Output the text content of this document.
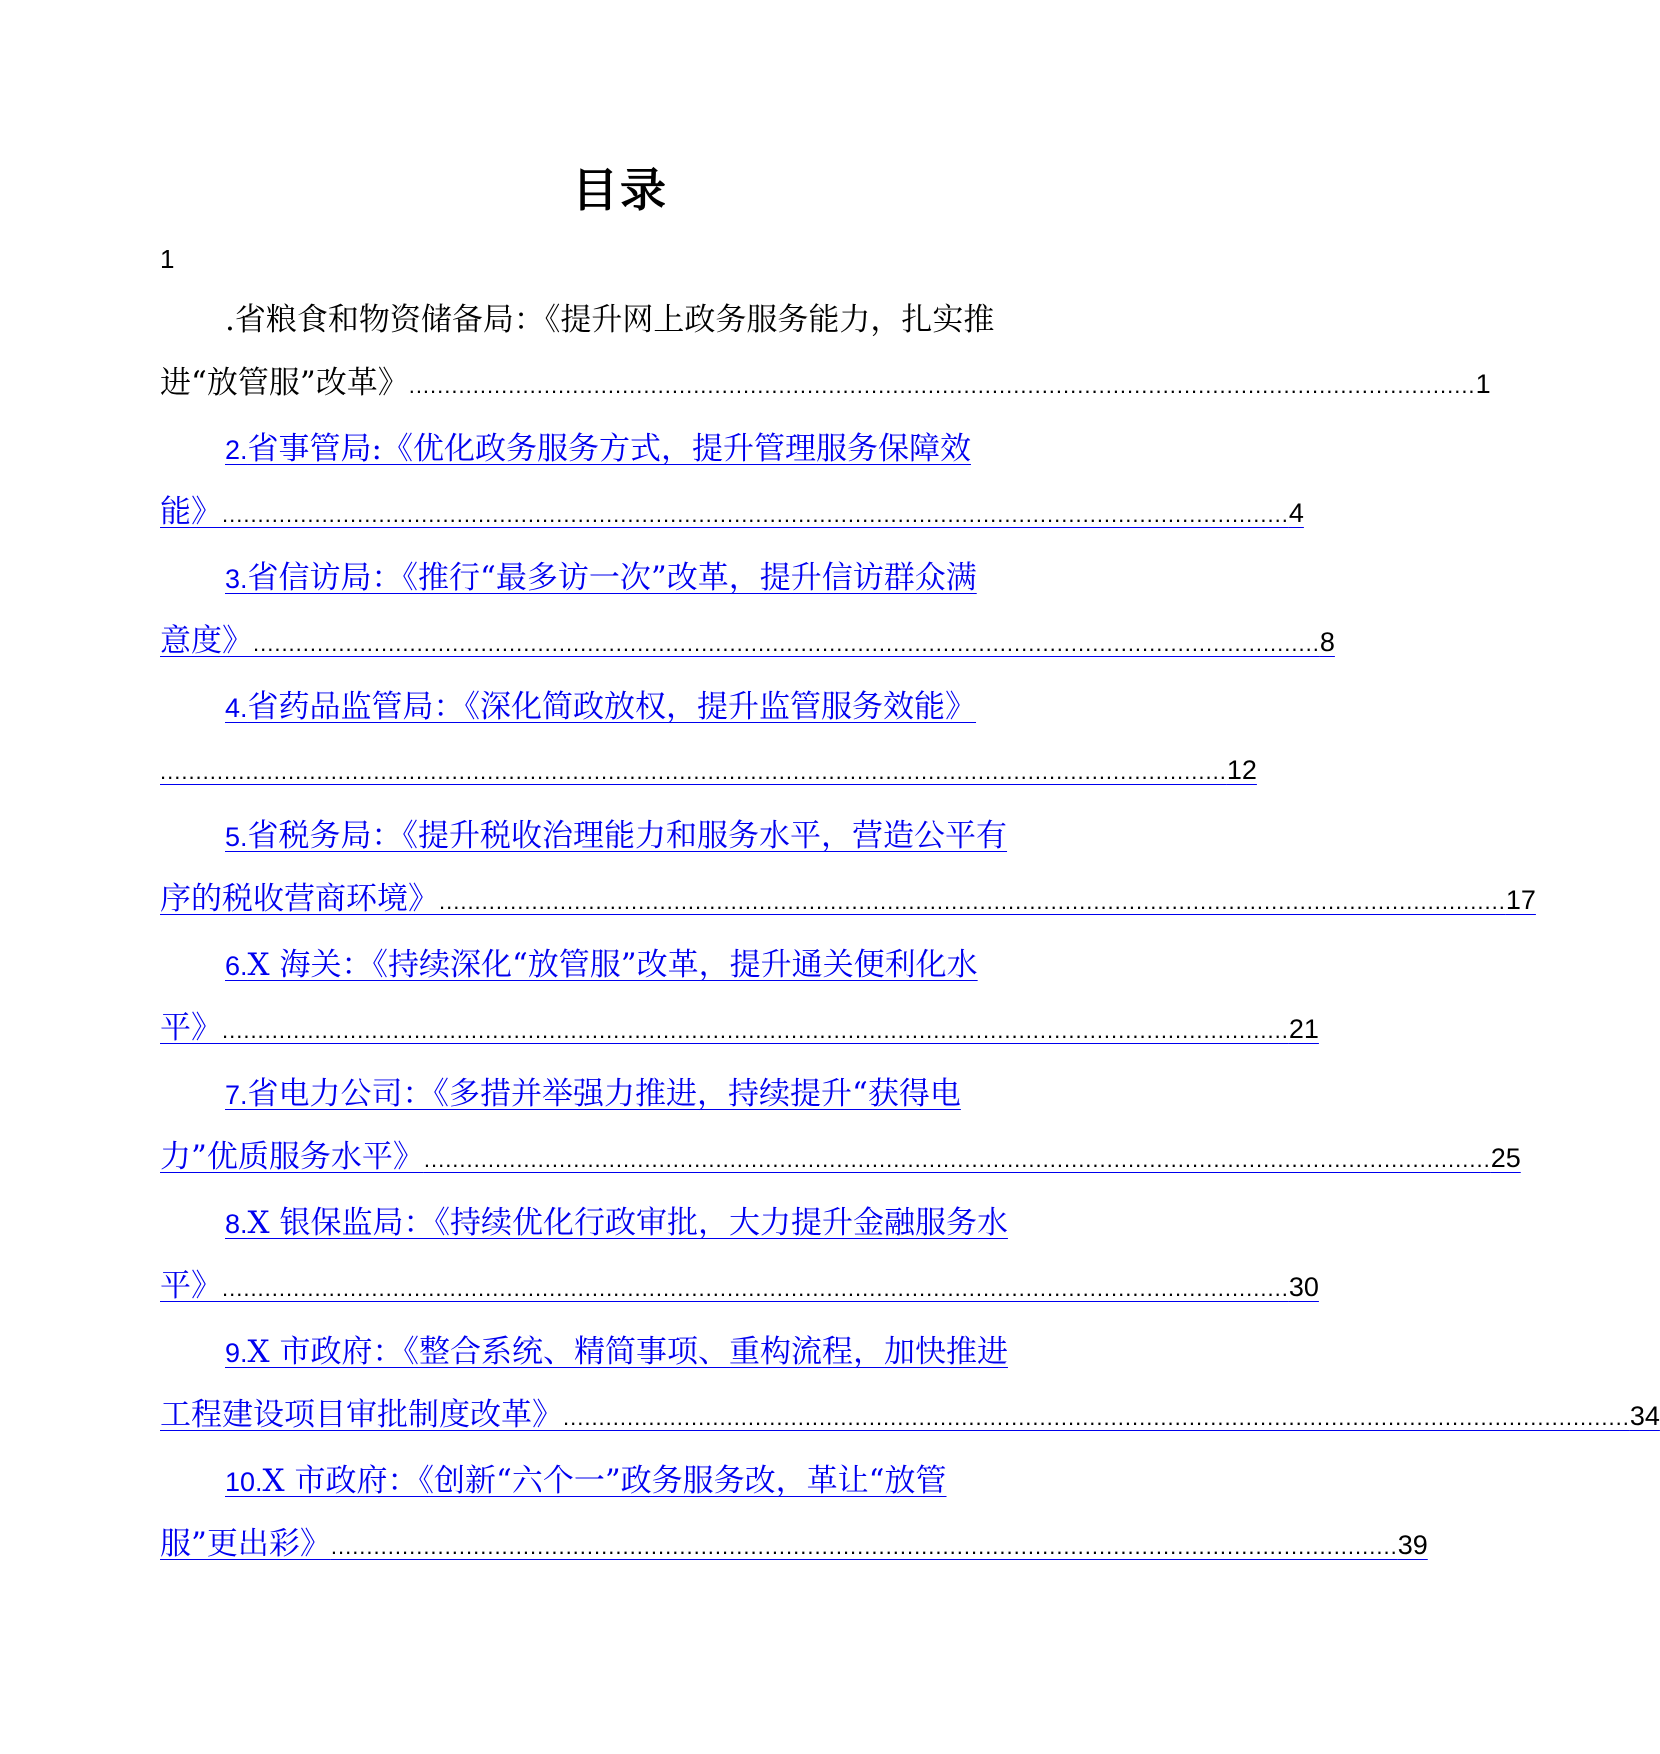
目录
1
.省粮食和物资储备局：《提升网上政务服务能力，扎实推
进“放管服”改革》 ...................................................................................................................................................... 1
2.省事管局:《优化政务服务方式，提升管理服务保障效
能》 ...................................................................................................................................................... 4
3.省信访局：《推行“最多访一次”改革，提升信访群众满
意度》 ...................................................................................................................................................... 8
4.省药品监管局：《深化简政放权，提升监管服务效能》
...................................................................................................................................................... 12
5.省税务局：《提升税收治理能力和服务水平，营造公平有
序的税收营商环境》 ...................................................................................................................................................... 17
6.X 海关：《持续深化“放管服”改革，提升通关便利化水
平》 ...................................................................................................................................................... 21
7.省电力公司：《多措并举强力推进，持续提升“获得电
力”优质服务水平》 ...................................................................................................................................................... 25
8.X 银保监局：《持续优化行政审批，大力提升金融服务水
平》 ...................................................................................................................................................... 30
9.X 市政府：《整合系统、精简事项、重构流程，加快推进
工程建设项目审批制度改革》 ...................................................................................................................................................... 34
10.X 市政府：《创新“六个一”政务服务改，革让“放管
服”更出彩》 ...................................................................................................................................................... 39
